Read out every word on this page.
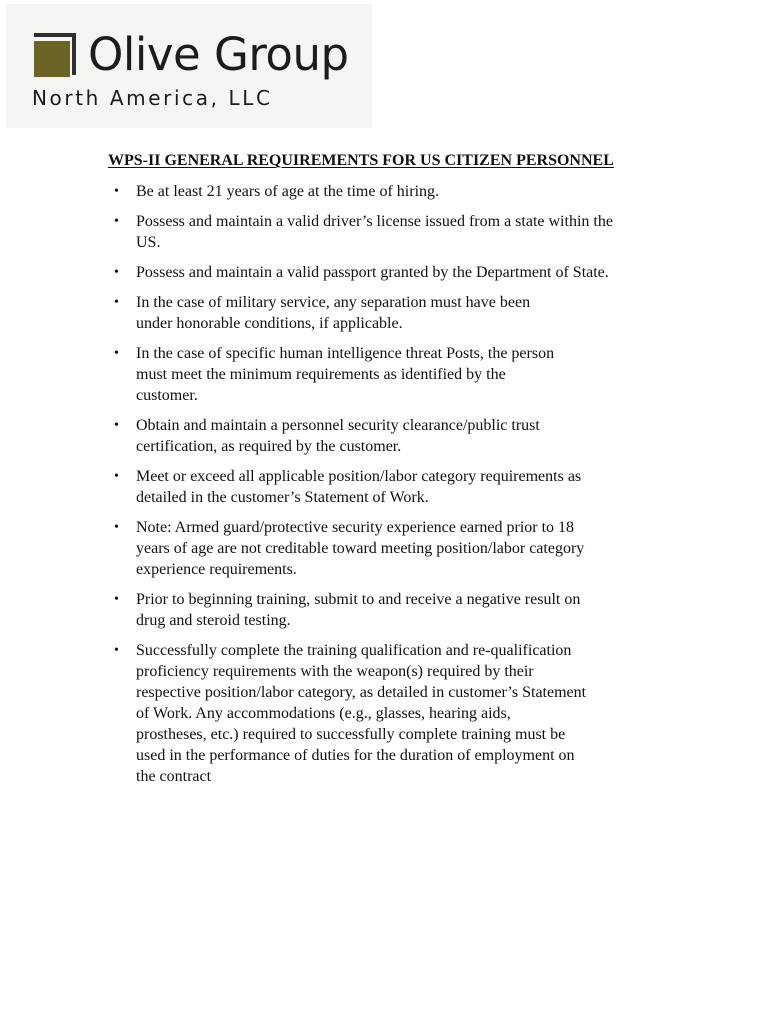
Olive Group
North America, LLC
WPS-II GENERAL REQUIREMENTS FOR US CITIZEN PERSONNEL
• Be at least 21 years of age at the time of hiring.
• Possess and maintain a valid driver’s license issued from a state within the
US.
• Possess and maintain a valid passport granted by the Department of State.
• In the case of military service, any separation must have been
under honorable conditions, if applicable.
• In the case of specific human intelligence threat Posts, the person
must meet the minimum requirements as identified by the
customer.
• Obtain and maintain a personnel security clearance/public trust
certification, as required by the customer.
• Meet or exceed all applicable position/labor category requirements as
detailed in the customer’s Statement of Work.
• Note: Armed guard/protective security experience earned prior to 18
years of age are not creditable toward meeting position/labor category
experience requirements.
• Prior to beginning training, submit to and receive a negative result on
drug and steroid testing.
• Successfully complete the training qualification and re-qualification
proficiency requirements with the weapon(s) required by their
respective position/labor category, as detailed in customer’s Statement
of Work. Any accommodations (e.g., glasses, hearing aids,
prostheses, etc.) required to successfully complete training must be
used in the performance of duties for the duration of employment on
the contract
